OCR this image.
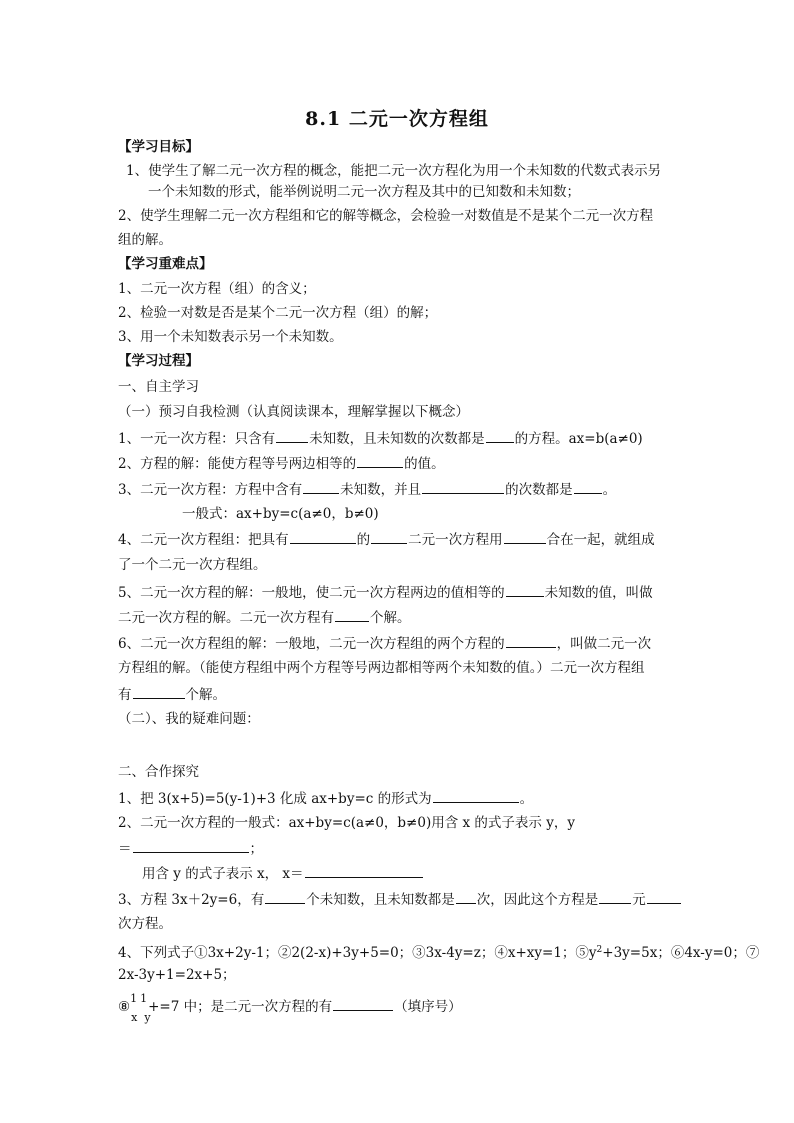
8.1 二元一次方程组
【学习目标】
1、使学生了解二元一次方程的概念，能把二元一次方程化为用一个未知数的代数式表示另
一个未知数的形式，能举例说明二元一次方程及其中的已知数和未知数；
2、使学生理解二元一次方程组和它的解等概念，会检验一对数值是不是某个二元一次方程
组的解。
【学习重难点】
1、二元一次方程（组）的含义；
2、检验一对数是否是某个二元一次方程（组）的解；
3、用一个未知数表示另一个未知数。
【学习过程】
一、自主学习
（一）预习自我检测（认真阅读课本，理解掌握以下概念）
1、一元一次方程：只含有	未知数，且未知数的次数都是 的方程。ax=b(a≠0)
2、方程的解：能使方程等号两边相等的	的值。
3、二元一次方程：方程中含有	未知数，并且	的次数都是 。
一般式：ax+by=c(a≠0，b≠0)
4、二元一次方程组：把具有	的	二元一次方程用	合在一起，就组成
了一个二元一次方程组。
5、二元一次方程的解：一般地，使二元一次方程两边的值相等的	未知数的值，叫做
二元一次方程的解。二元一次方程有	个解。
6、二元一次方程组的解：一般地，二元一次方程组的两个方程的	，叫做二元一次
方程组的解。（能使方程组中两个方程等号两边都相等两个未知数的值。）二元一次方程组
有	个解。
（二）、我的疑难问题：
二、合作探究
1、把 3(x+5)=5(y-1)+3 化成 ax+by=c 的形式为	。
2、二元一次方程的一般式：ax+by=c(a≠0，b≠0)用含 x 的式子表示 y，y
＝	；
用含 y 的式子表示 x， x＝
3、方程 3x＋2y=6，有	个未知数，且未知数都是 次，因此这个方程是	元
次方程。
4、下列式子①3x+2y-1；②2(2-x)+3y+5=0；③3x-4y=z；④x+xy=1；$⑤y^2+3y=5x$；⑥4x-y=0；⑦
2x-3y+1=2x+5；
⑧
11
xy
+=7 中；是二元一次方程的有	（填序号）
